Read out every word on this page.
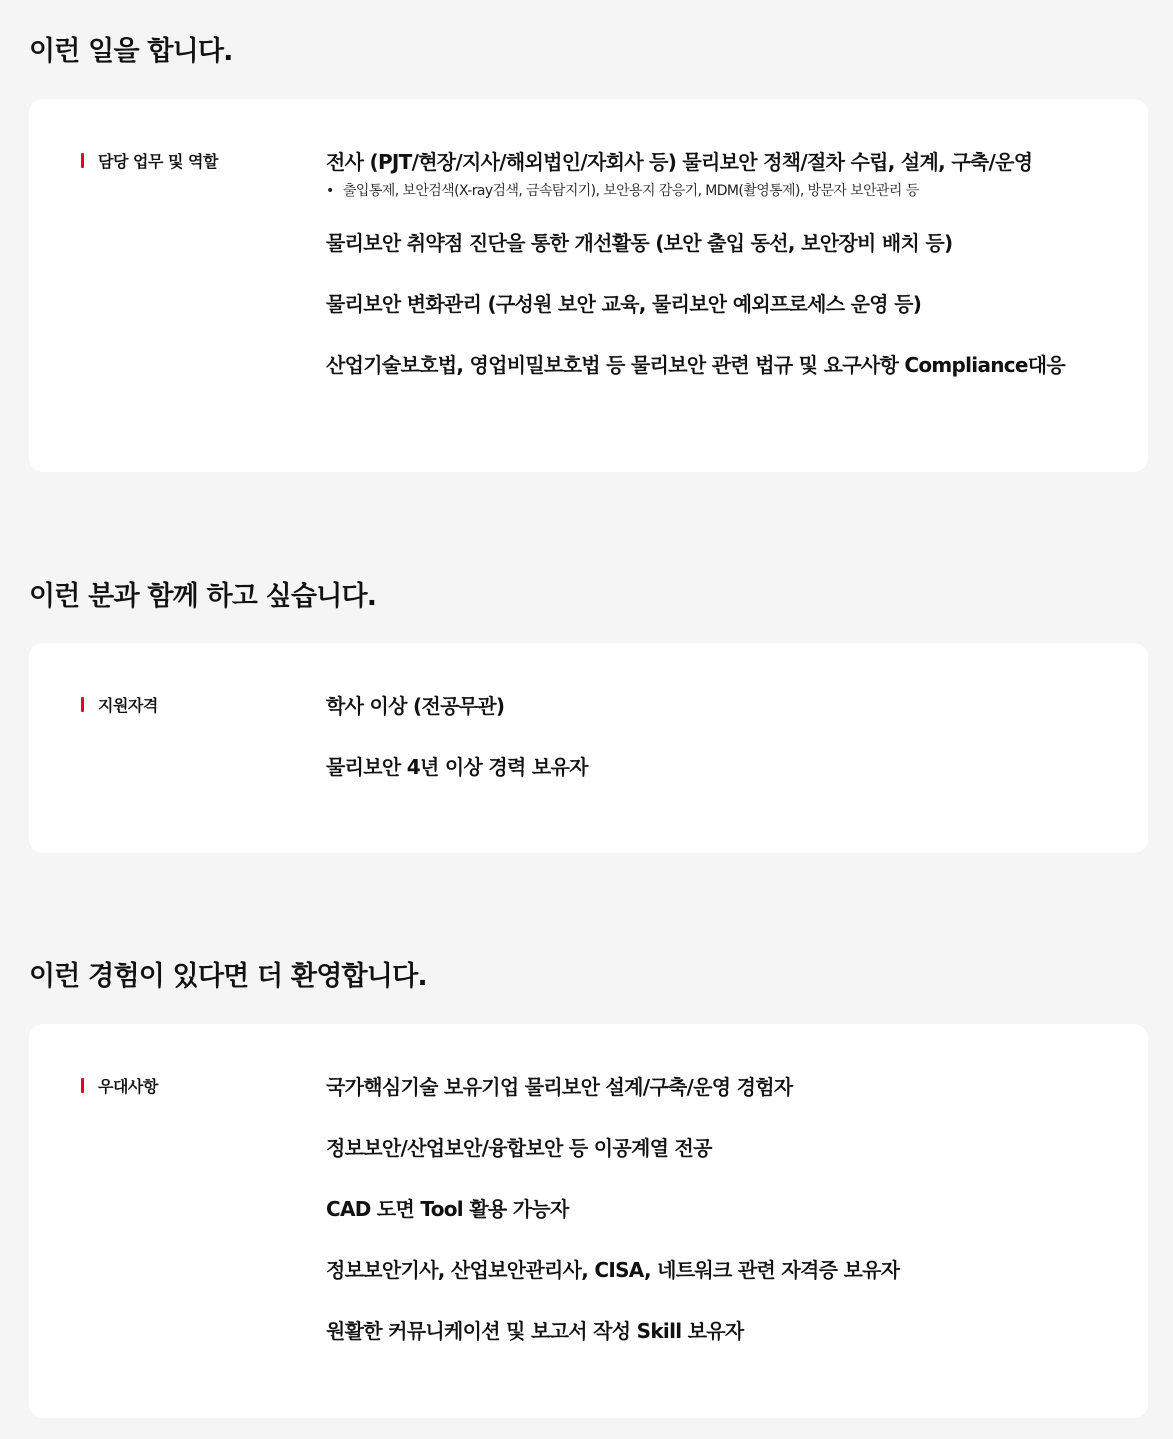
이런 일을 합니다.
담당 업무 및 역할	전사 (PJT/현장/지사/해외법인/자회사 등) 물리보안 정책/절차 수립, 설계, 구축/운영
• 출입통제, 보안검색(X-ray검색, 금속탐지기), 보안용지 감응기, MDM(촬영통제), 방문자 보안관리 등
물리보안 취약점 진단을 통한 개선활동 (보안 출입 동선, 보안장비 배치 등)
물리보안 변화관리 (구성원 보안 교육, 물리보안 예외프로세스 운영 등)
산업기술보호법, 영업비밀보호법 등 물리보안 관련 법규 및 요구사항 Compliance대응
이런 분과 함께 하고 싶습니다.
지원자격	학사 이상 (전공무관)
물리보안 4년 이상 경력 보유자
이런 경험이 있다면 더 환영합니다.
우대사항	국가핵심기술 보유기업 물리보안 설계/구축/운영 경험자
정보보안/산업보안/융합보안 등 이공계열 전공
CAD 도면 Tool 활용 가능자
정보보안기사, 산업보안관리사, CISA, 네트워크 관련 자격증 보유자
원활한 커뮤니케이션 및 보고서 작성 Skill 보유자
